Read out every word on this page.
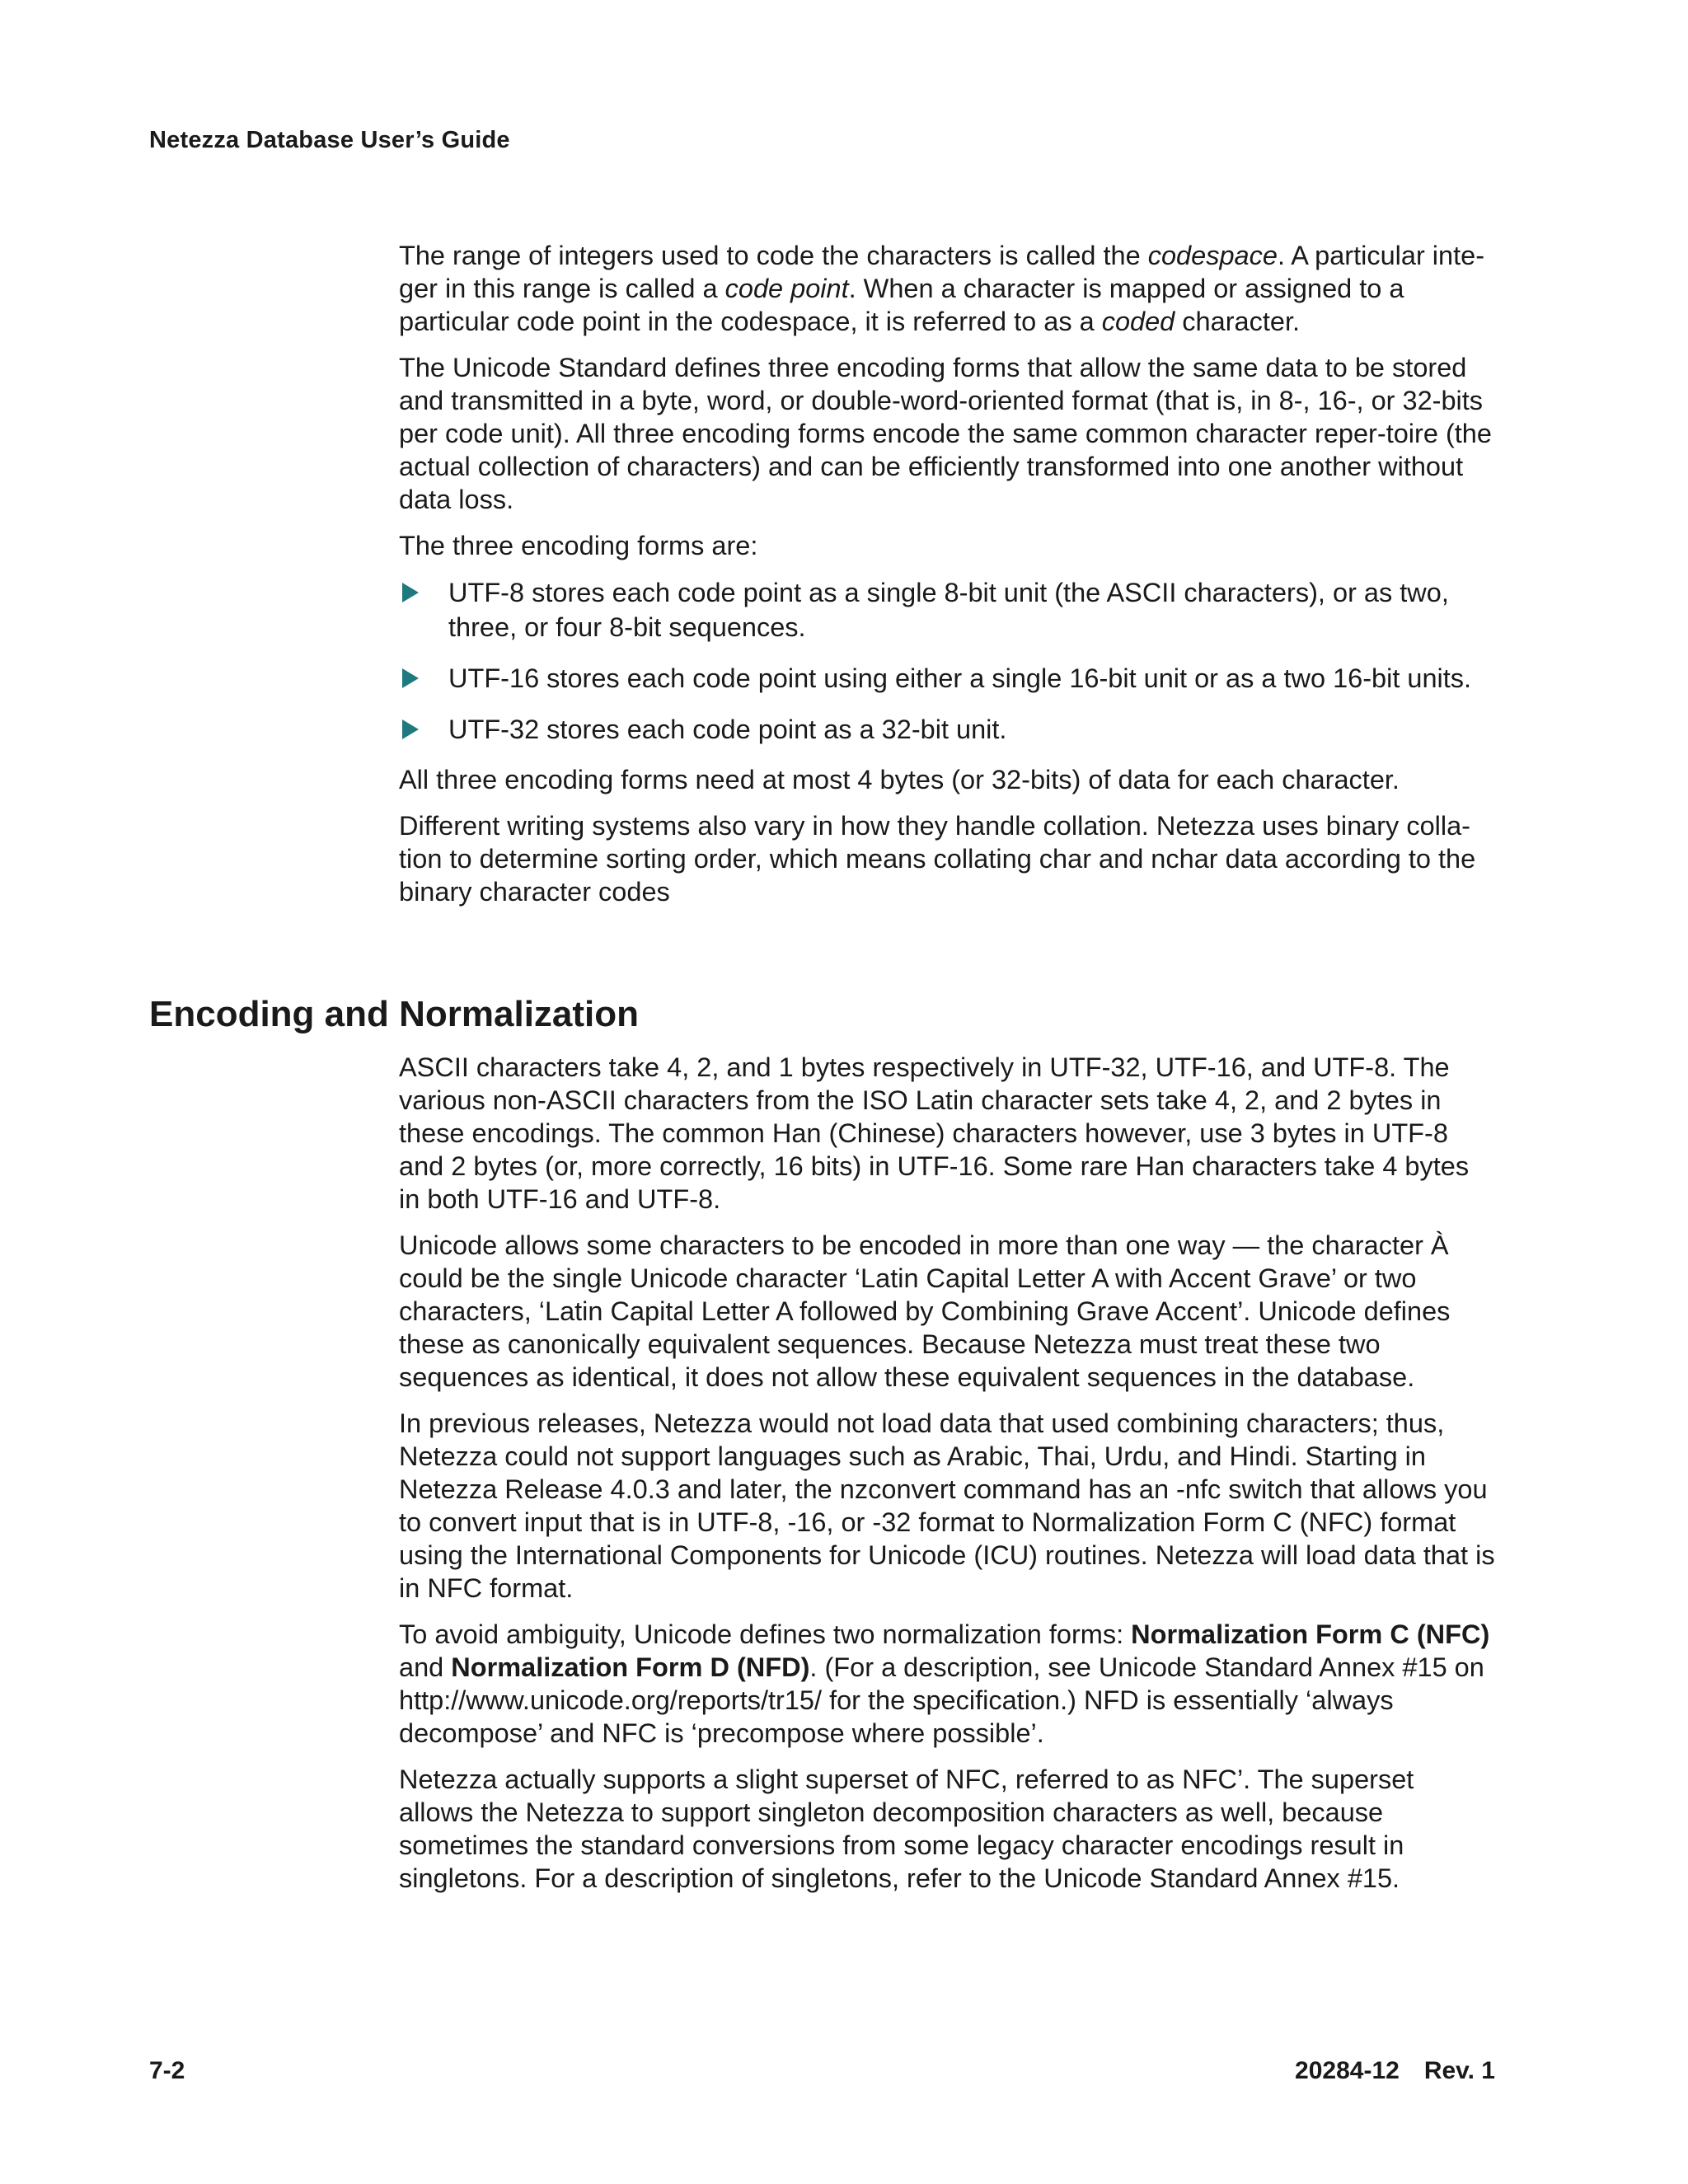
Netezza Database User’s Guide

The range of integers used to code the characters is called the codespace. A particular inte-ger in this range is called a code point. When a character is mapped or assigned to a particular code point in the codespace, it is referred to as a coded character.

The Unicode Standard defines three encoding forms that allow the same data to be stored and transmitted in a byte, word, or double-word-oriented format (that is, in 8-, 16-, or 32-bits per code unit). All three encoding forms encode the same common character reper-toire (the actual collection of characters) and can be efficiently transformed into one another without data loss.

The three encoding forms are:

UTF-8 stores each code point as a single 8-bit unit (the ASCII characters), or as two, three, or four 8-bit sequences.
UTF-16 stores each code point using either a single 16-bit unit or as a two 16-bit units.
UTF-32 stores each code point as a 32-bit unit.

All three encoding forms need at most 4 bytes (or 32-bits) of data for each character.

Different writing systems also vary in how they handle collation. Netezza uses binary colla-tion to determine sorting order, which means collating char and nchar data according to the binary character codes

Encoding and Normalization

ASCII characters take 4, 2, and 1 bytes respectively in UTF-32, UTF-16, and UTF-8. The various non-ASCII characters from the ISO Latin character sets take 4, 2, and 2 bytes in these encodings. The common Han (Chinese) characters however, use 3 bytes in UTF-8 and 2 bytes (or, more correctly, 16 bits) in UTF-16. Some rare Han characters take 4 bytes in both UTF-16 and UTF-8.

Unicode allows some characters to be encoded in more than one way — the character À could be the single Unicode character ‘Latin Capital Letter A with Accent Grave’ or two characters, ‘Latin Capital Letter A followed by Combining Grave Accent’. Unicode defines these as canonically equivalent sequences. Because Netezza must treat these two sequences as identical, it does not allow these equivalent sequences in the database.

In previous releases, Netezza would not load data that used combining characters; thus, Netezza could not support languages such as Arabic, Thai, Urdu, and Hindi. Starting in Netezza Release 4.0.3 and later, the nzconvert command has an -nfc switch that allows you to convert input that is in UTF-8, -16, or -32 format to Normalization Form C (NFC) format using the International Components for Unicode (ICU) routines. Netezza will load data that is in NFC format.

To avoid ambiguity, Unicode defines two normalization forms: Normalization Form C (NFC) and Normalization Form D (NFD). (For a description, see Unicode Standard Annex #15 on http://www.unicode.org/reports/tr15/ for the specification.) NFD is essentially ‘always decompose’ and NFC is ‘precompose where possible’.

Netezza actually supports a slight superset of NFC, referred to as NFC’. The superset allows the Netezza to support singleton decomposition characters as well, because sometimes the standard conversions from some legacy character encodings result in singletons. For a description of singletons, refer to the Unicode Standard Annex #15.

7-2	20284-12 Rev. 1
